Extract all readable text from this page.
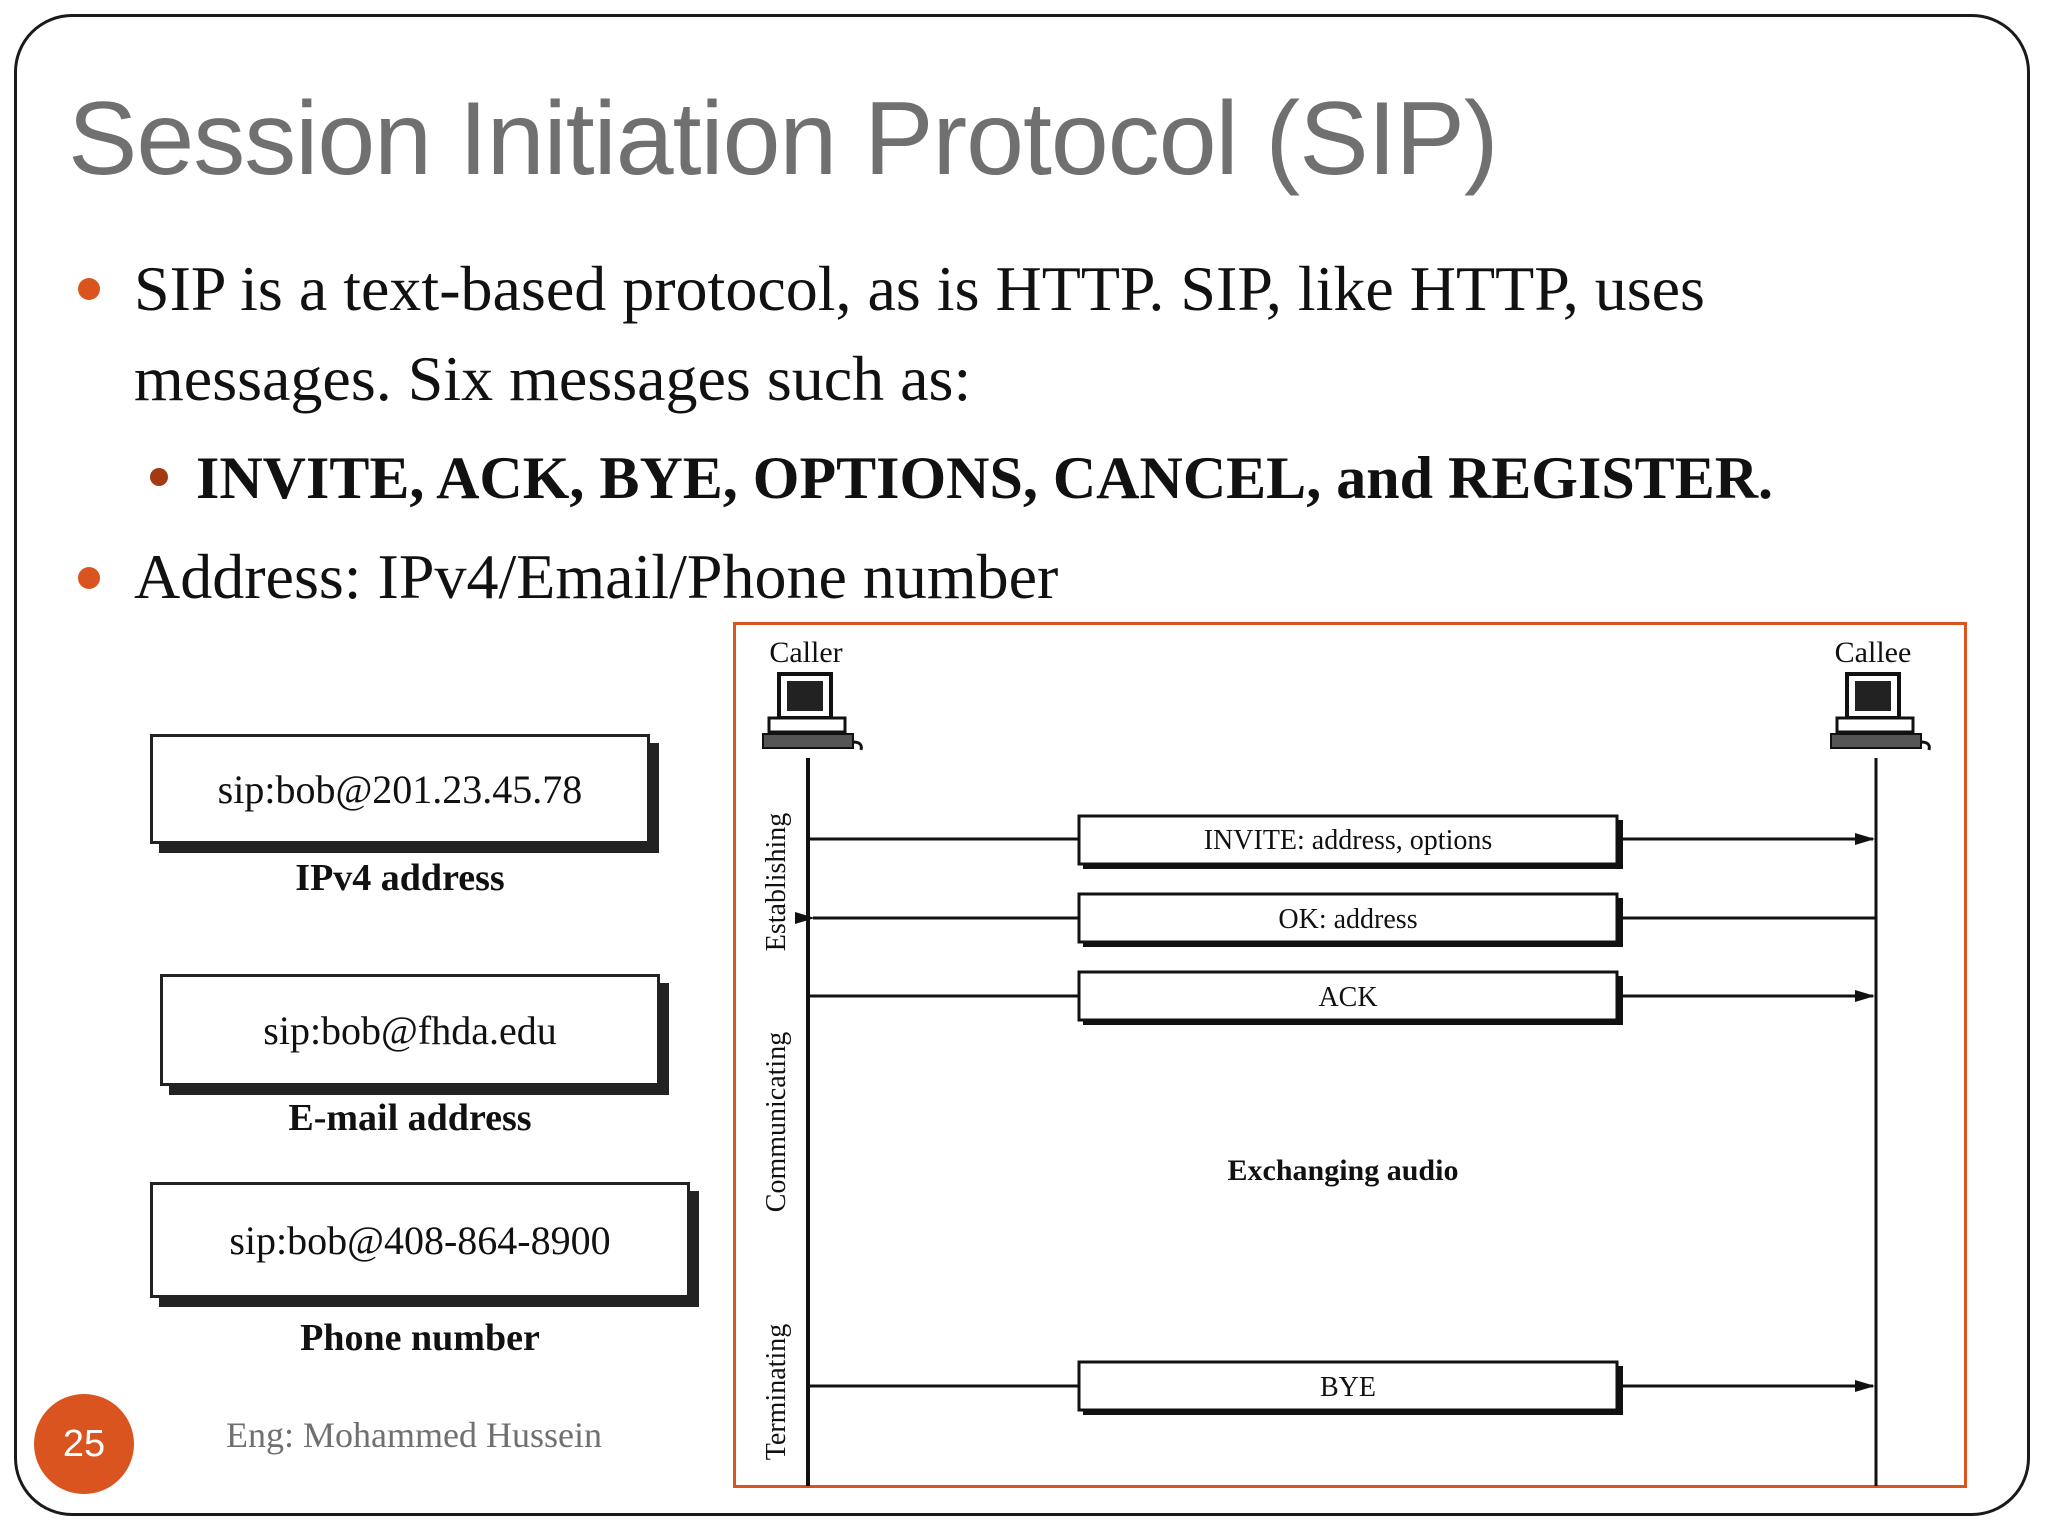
Session Initiation Protocol (SIP)
SIP is a text-based protocol, as is HTTP. SIP, like HTTP, uses
messages. Six messages such as:
INVITE, ACK, BYE, OPTIONS, CANCEL, and REGISTER.
Address: IPv4/Email/Phone number
sip:bob@201.23.45.78
IPv4 address
sip:bob@fhda.edu
E-mail address
sip:bob@408-864-8900
Phone number
Caller	Callee
Establishing
Communicating
Terminating
INVITE: address, options
OK: address
ACK
Exchanging audio
BYE
25	Eng: Mohammed Hussein
